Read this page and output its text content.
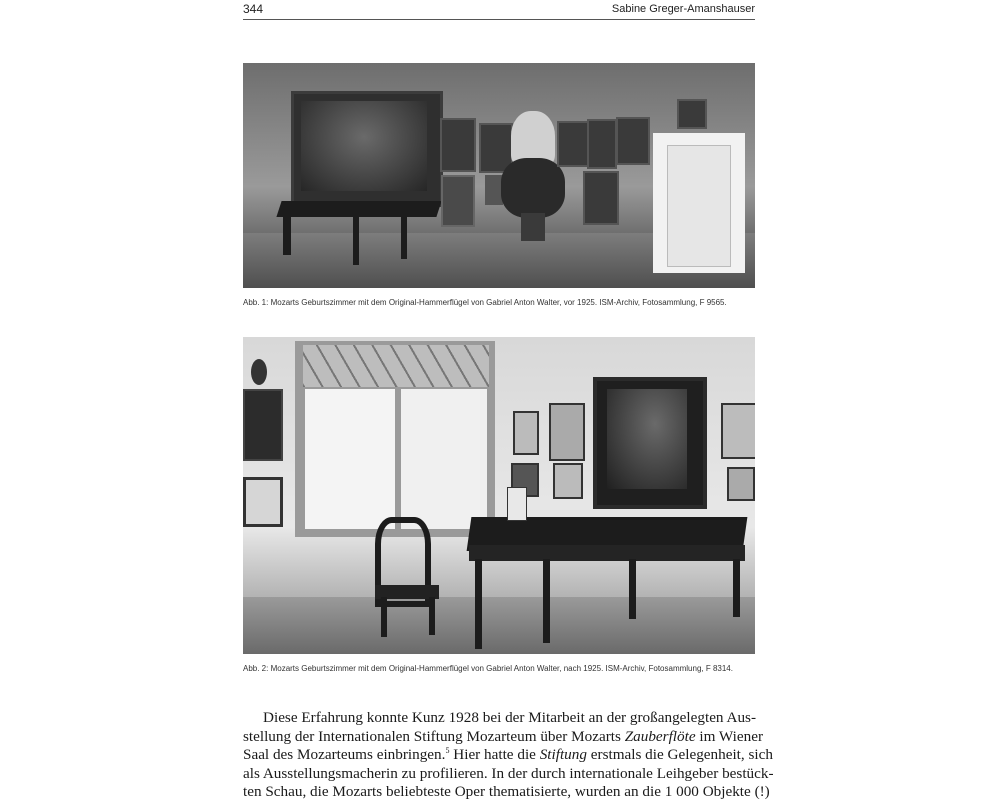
344	Sabine Greger-Amanshauser
Abb. 1: Mozarts Geburtszimmer mit dem Original-Hammerflügel von Gabriel Anton Walter, vor 1925. ISM-Archiv, Fotosammlung, F 9565.
Abb. 2: Mozarts Geburtszimmer mit dem Original-Hammerflügel von Gabriel Anton Walter, nach 1925. ISM-Archiv, Fotosammlung, F 8314.
Diese Erfahrung konnte Kunz 1928 bei der Mitarbeit an der großangelegten Aus-
stellung der Internationalen Stiftung Mozarteum über Mozarts Zauberflöte im Wiener
Saal des Mozarteums einbringen.$^5$ Hier hatte die Stiftung erstmals die Gelegenheit, sich
als Ausstellungsmacherin zu profilieren. In der durch internationale Leihgeber bestück-
ten Schau, die Mozarts beliebteste Oper thematisierte, wurden an die 1 000 Objekte (!)
